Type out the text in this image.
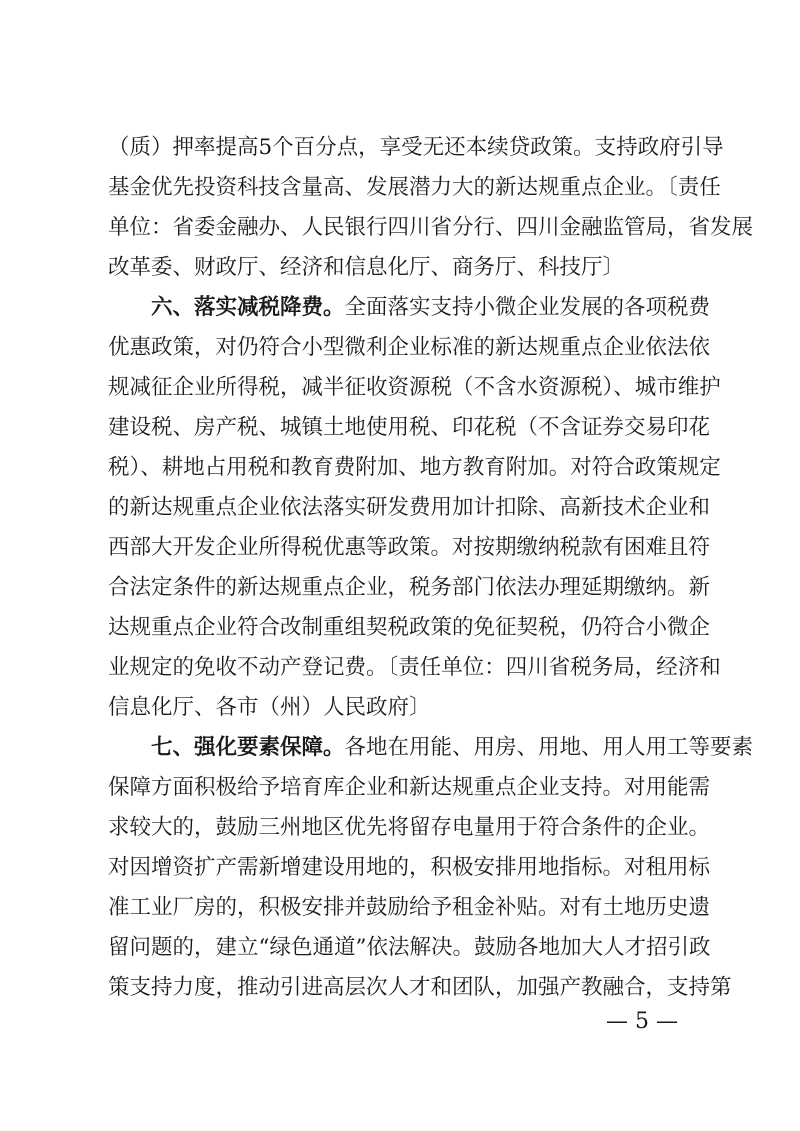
（质）押率提高5个百分点，享受无还本续贷政策。支持政府引导
基金优先投资科技含量高、发展潜力大的新达规重点企业。〔责任
单位：省委金融办、人民银行四川省分行、四川金融监管局，省发展
改革委、财政厅、经济和信息化厅、商务厅、科技厅〕
六、落实减税降费。全面落实支持小微企业发展的各项税费
优惠政策，对仍符合小型微利企业标准的新达规重点企业依法依
规减征企业所得税，减半征收资源税（不含水资源税）、城市维护
建设税、房产税、城镇土地使用税、印花税（不含证券交易印花
税）、耕地占用税和教育费附加、地方教育附加。对符合政策规定
的新达规重点企业依法落实研发费用加计扣除、高新技术企业和
西部大开发企业所得税优惠等政策。对按期缴纳税款有困难且符
合法定条件的新达规重点企业，税务部门依法办理延期缴纳。新
达规重点企业符合改制重组契税政策的免征契税，仍符合小微企
业规定的免收不动产登记费。〔责任单位：四川省税务局，经济和
信息化厅、各市（州）人民政府〕
七、强化要素保障。各地在用能、用房、用地、用人用工等要素
保障方面积极给予培育库企业和新达规重点企业支持。对用能需
求较大的，鼓励三州地区优先将留存电量用于符合条件的企业。
对因增资扩产需新增建设用地的，积极安排用地指标。对租用标
准工业厂房的，积极安排并鼓励给予租金补贴。对有土地历史遗
留问题的，建立“绿色通道”依法解决。鼓励各地加大人才招引政
策支持力度，推动引进高层次人才和团队，加强产教融合，支持第
— 5 —
